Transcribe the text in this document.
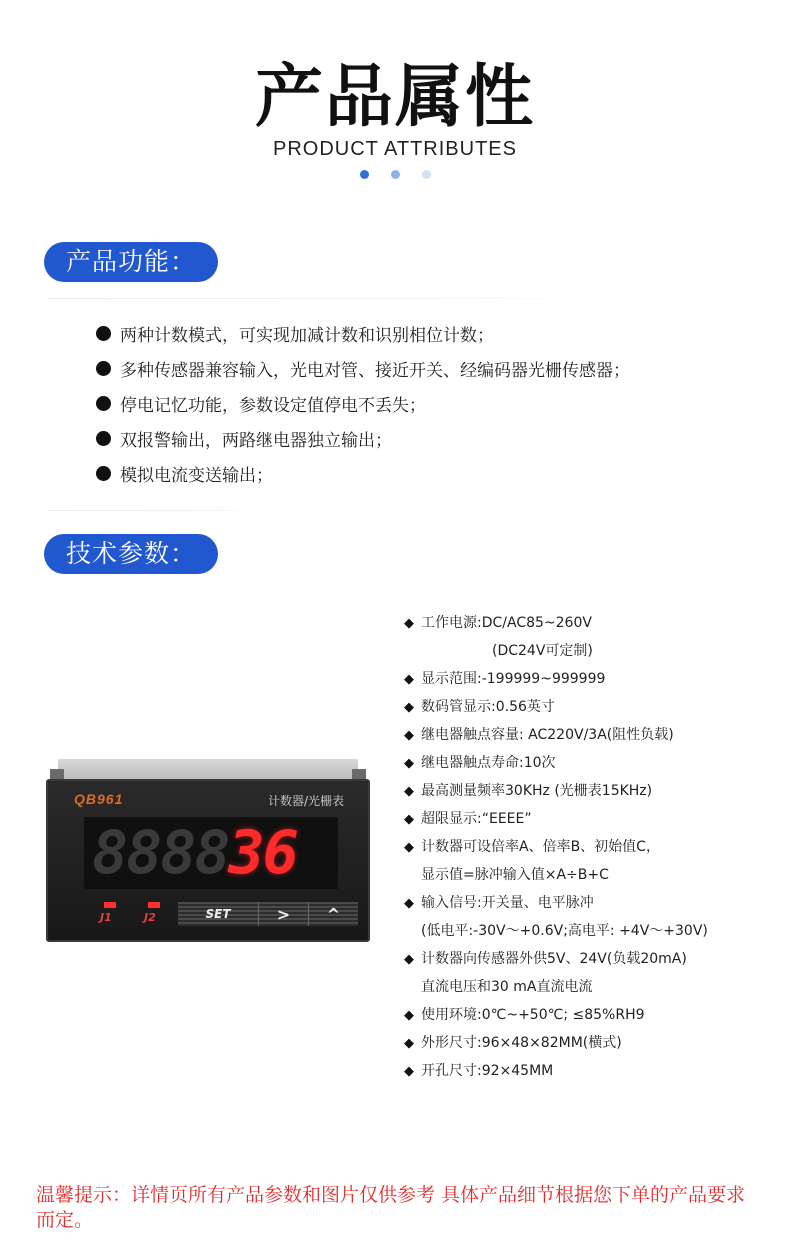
产品属性
PRODUCT ATTRIBUTES
产品功能：
两种计数模式，可实现加减计数和识别相位计数；
多种传感器兼容输入，光电对管、接近开关、经编码器光栅传感器；
停电记忆功能，参数设定值停电不丢失；
双报警输出，两路继电器独立输出；
模拟电流变送输出；
技术参数：
QB961	计数器/光栅表
8888 36
J1	J2	SET	>	^
◆ 工作电源:DC/AC85~260V
(DC24V可定制)
◆ 显示范围:-199999~999999
◆ 数码管显示:0.56英寸
◆ 继电器触点容量: AC220V/3A(阻性负载)
◆ 继电器触点寿命:10次
◆ 最高测量频率30KHz (光栅表15KHz)
◆ 超限显示:“EEEE”
◆ 计数器可设倍率A、倍率B、初始值C，
显示值=脉冲输入值×A÷B+C
◆ 输入信号:开关量、电平脉冲
(低电平:-30V～+0.6V;高电平: +4V～+30V)
◆ 计数器向传感器外供5V、24V(负载20mA)
直流电压和30 mA直流电流
◆ 使用环境:0℃~+50℃; ≤85%RH9
◆ 外形尺寸:96×48×82MM(横式)
◆ 开孔尺寸:92×45MM
温馨提示：详情页所有产品参数和图片仅供参考 具体产品细节根据您下单的产品要求而定。
